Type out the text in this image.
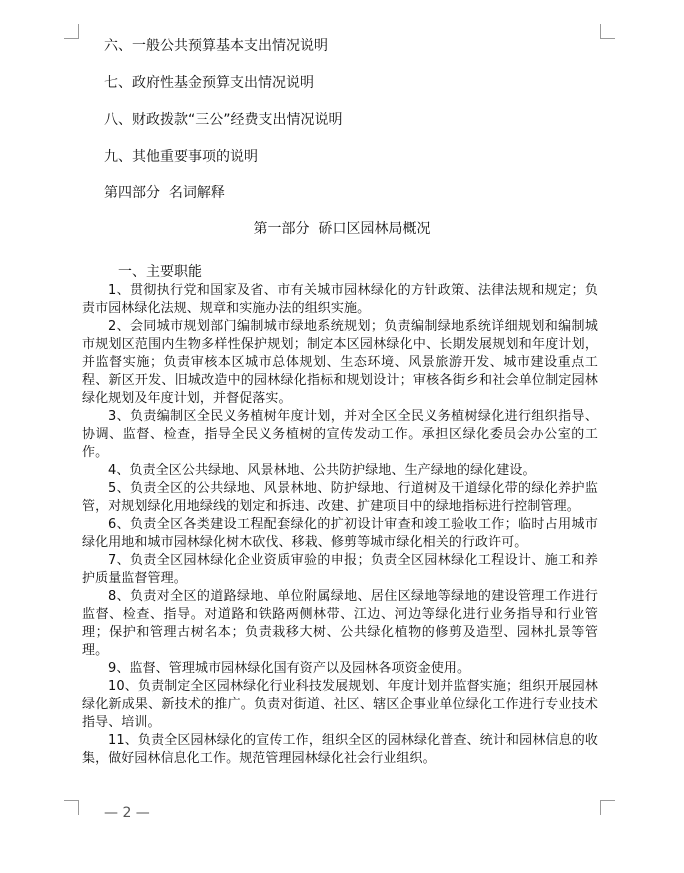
六、一般公共预算基本支出情况说明

七、政府性基金预算支出情况说明

八、财政拨款“三公”经费支出情况说明

九、其他重要事项的说明

第四部分  名词解释

第一部分  硚口区园林局概况

一、主要职能

1、贯彻执行党和国家及省、市有关城市园林绿化的方针政策、法律法规和规定；负责市园林绿化法规、规章和实施办法的组织实施。

2、会同城市规划部门编制城市绿地系统规划；负责编制绿地系统详细规划和编制城市规划区范围内生物多样性保护规划；制定本区园林绿化中、长期发展规划和年度计划，并监督实施；负责审核本区城市总体规划、生态环境、风景旅游开发、城市建设重点工程、新区开发、旧城改造中的园林绿化指标和规划设计；审核各街乡和社会单位制定园林绿化规划及年度计划，并督促落实。

3、负责编制区全民义务植树年度计划，并对全区全民义务植树绿化进行组织指导、协调、监督、检查，指导全民义务植树的宣传发动工作。承担区绿化委员会办公室的工作。

4、负责全区公共绿地、风景林地、公共防护绿地、生产绿地的绿化建设。

5、负责全区的公共绿地、风景林地、防护绿地、行道树及干道绿化带的绿化养护监管，对规划绿化用地绿线的划定和拆违、改建、扩建项目中的绿地指标进行控制管理。

6、负责全区各类建设工程配套绿化的扩初设计审查和竣工验收工作；临时占用城市绿化用地和城市园林绿化树木砍伐、移栽、修剪等城市绿化相关的行政许可。

7、负责全区园林绿化企业资质审验的申报；负责全区园林绿化工程设计、施工和养护质量监督管理。

8、负责对全区的道路绿地、单位附属绿地、居住区绿地等绿地的建设管理工作进行监督、检查、指导。对道路和铁路两侧林带、江边、河边等绿化进行业务指导和行业管理；保护和管理古树名本；负责栽移大树、公共绿化植物的修剪及造型、园林扎景等管理。

9、监督、管理城市园林绿化国有资产以及园林各项资金使用。

10、负责制定全区园林绿化行业科技发展规划、年度计划并监督实施；组织开展园林绿化新成果、新技术的推广。负责对街道、社区、辖区企事业单位绿化工作进行专业技术指导、培训。

11、负责全区园林绿化的宣传工作，组织全区的园林绿化普查、统计和园林信息的收集，做好园林信息化工作。规范管理园林绿化社会行业组织。

— 2 —
